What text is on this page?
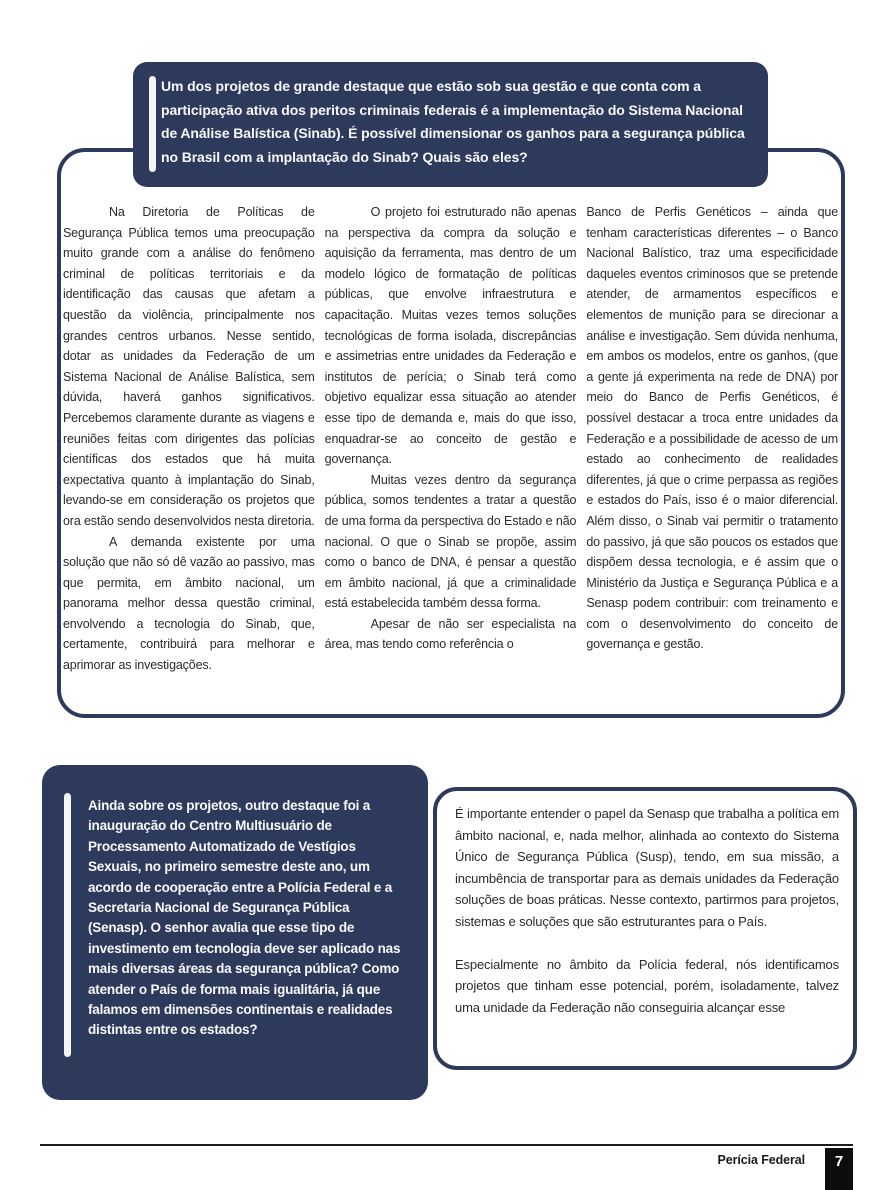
Um dos projetos de grande destaque que estão sob sua gestão e que conta com a participação ativa dos peritos criminais federais é a implementação do Sistema Nacional de Análise Balística (Sinab). É possível dimensionar os ganhos para a segurança pública no Brasil com a implantação do Sinab? Quais são eles?

Na Diretoria de Políticas de Segurança Pública temos uma preocupação muito grande com a análise do fenômeno criminal de políticas territoriais e da identificação das causas que afetam a questão da violência, principalmente nos grandes centros urbanos. Nesse sentido, dotar as unidades da Federação de um Sistema Nacional de Análise Balística, sem dúvida, haverá ganhos significativos. Percebemos claramente durante as viagens e reuniões feitas com dirigentes das polícias científicas dos estados que há muita expectativa quanto à implantação do Sinab, levando-se em consideração os projetos que ora estão sendo desenvolvidos nesta diretoria.

A demanda existente por uma solução que não só dê vazão ao passivo, mas que permita, em âmbito nacional, um panorama melhor dessa questão criminal, envolvendo a tecnologia do Sinab, que, certamente, contribuirá para melhorar e aprimorar as investigações.

O projeto foi estruturado não apenas na perspectiva da compra da solução e aquisição da ferramenta, mas dentro de um modelo lógico de formatação de políticas públicas, que envolve infraestrutura e capacitação. Muitas vezes temos soluções tecnológicas de forma isolada, discrepâncias e assimetrias entre unidades da Federação e institutos de perícia; o Sinab terá como objetivo equalizar essa situação ao atender esse tipo de demanda e, mais do que isso, enquadrar-se ao conceito de gestão e governança.

Muitas vezes dentro da segurança pública, somos tendentes a tratar a questão de uma forma da perspectiva do Estado e não nacional. O que o Sinab se propõe, assim como o banco de DNA, é pensar a questão em âmbito nacional, já que a criminalidade está estabelecida também dessa forma.

Apesar de não ser especialista na área, mas tendo como referência o

Banco de Perfis Genéticos – ainda que tenham características diferentes – o Banco Nacional Balístico, traz uma especificidade daqueles eventos criminosos que se pretende atender, de armamentos específicos e elementos de munição para se direcionar a análise e investigação. Sem dúvida nenhuma, em ambos os modelos, entre os ganhos, (que a gente já experimenta na rede de DNA) por meio do Banco de Perfis Genéticos, é possível destacar a troca entre unidades da Federação e a possibilidade de acesso de um estado ao conhecimento de realidades diferentes, já que o crime perpassa as regiões e estados do País, isso é o maior diferencial. Além disso, o Sinab vai permitir o tratamento do passivo, já que são poucos os estados que dispõem dessa tecnologia, e é assim que o Ministério da Justiça e Segurança Pública e a Senasp podem contribuir: com treinamento e com o desenvolvimento do conceito de governança e gestão.

Ainda sobre os projetos, outro destaque foi a inauguração do Centro Multiusuário de Processamento Automatizado de Vestígios Sexuais, no primeiro semestre deste ano, um acordo de cooperação entre a Polícia Federal e a Secretaria Nacional de Segurança Pública (Senasp). O senhor avalia que esse tipo de investimento em tecnologia deve ser aplicado nas mais diversas áreas da segurança pública? Como atender o País de forma mais igualitária, já que falamos em dimensões continentais e realidades distintas entre os estados?

É importante entender o papel da Senasp que trabalha a política em âmbito nacional, e, nada melhor, alinhada ao contexto do Sistema Único de Segurança Pública (Susp), tendo, em sua missão, a incumbência de transportar para as demais unidades da Federação soluções de boas práticas. Nesse contexto, partirmos para projetos, sistemas e soluções que são estruturantes para o País.

Especialmente no âmbito da Polícia federal, nós identificamos projetos que tinham esse potencial, porém, isoladamente, talvez uma unidade da Federação não conseguiria alcançar esse

Perícia Federal	7
